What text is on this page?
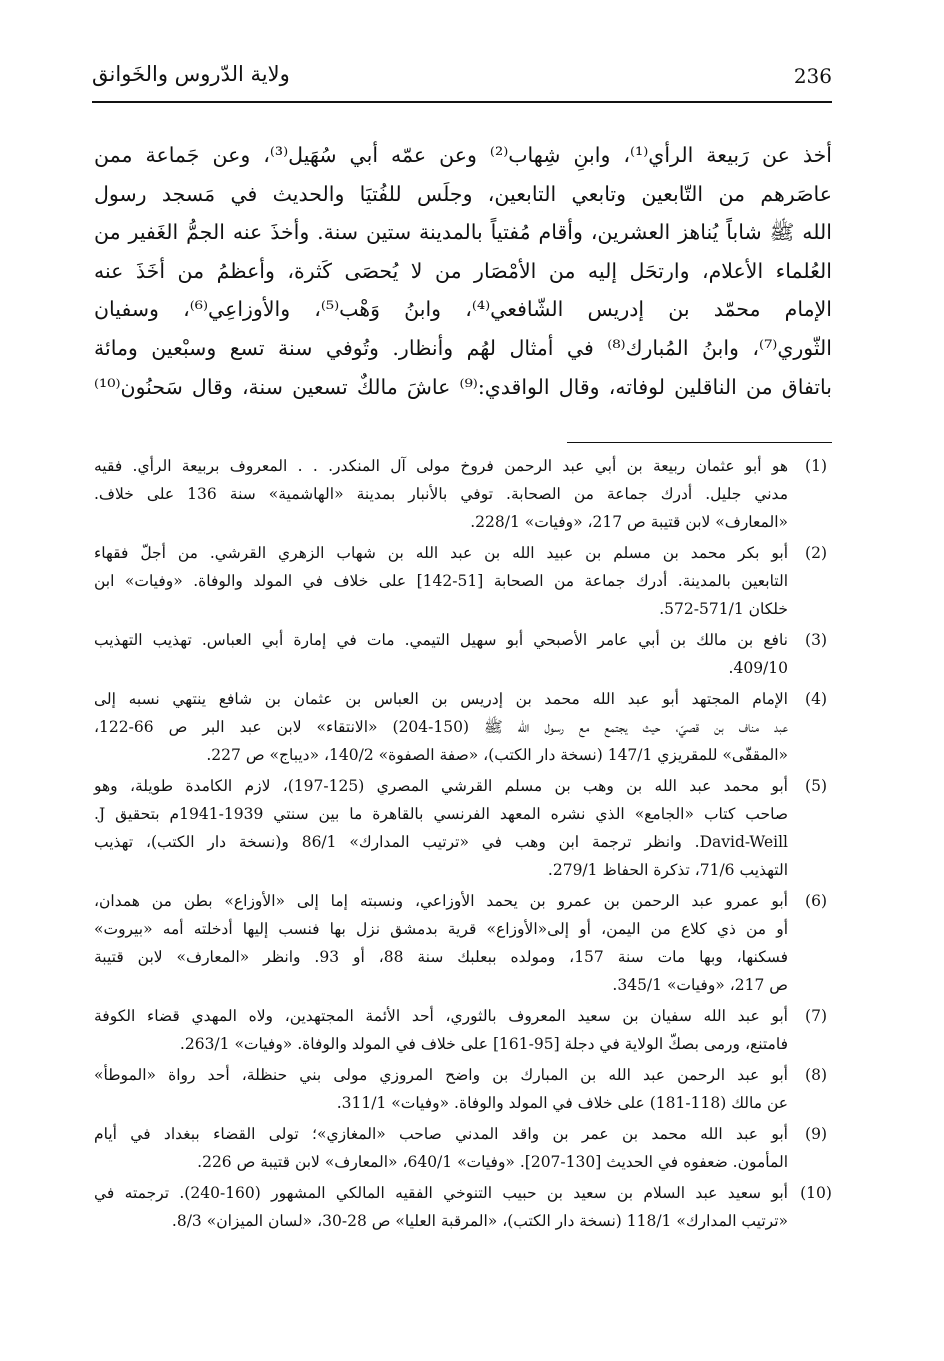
236
ولاية الدّروس والخَوانق
أخذ عن رَبيعة الرأي⁽¹⁾، وابنِ شِهاب⁽²⁾ وعن عمّه أبي سُهَيل⁽³⁾، وعن جَماعة ممن
عاصَرهم من التّابعين وتابعي التابعين، وجلَس للفُتيَا والحديث في مَسجد رسول
الله ﷺ شاباً يُناهز العشرين، وأقام مُفتياً بالمدينة ستين سنة. وأخذَ عنه الجمُّ الغَفير من
العُلماء الأعلام، وارتحَل إليه من الأمْصَار من لا يُحصَى كَثرة، وأعظمُ من أخَذَ عنه
الإمام محمّد بن إدريس الشّافعي⁽⁴⁾، وابنُ وَهْب⁽⁵⁾، والأوزاعِي⁽⁶⁾، وسفيان
الثّوري⁽⁷⁾، وابنُ المُبارك⁽⁸⁾ في أمثال لهُم وأنظار. وتُوفي سنة تسع وسبْعين ومائة
باتفاق من الناقلين لوفاته، وقال الواقدي:⁽⁹⁾ عاشَ مالكٌ تسعين سنة، وقال سَحنُون⁽¹⁰⁾
(1)
هو أبو عثمان ربيعة بن أبي عبد الرحمن فروخ مولى آل المنكدر. . . المعروف بربيعة الرأي. فقيه
مدني جليل. أدرك جماعة من الصحابة. توفي بالأنبار بمدينة «الهاشمية» سنة 136 على خلاف.
«المعارف» لابن قتيبة ص 217، «وفيات» 228/1.
(2)
أبو بكر محمد بن مسلم بن عبيد الله بن عبد الله بن شهاب الزهري القرشي. من أجلّ فقهاء
التابعين بالمدينة. أدرك جماعة من الصحابة [51-142] على خلاف في المولد والوفاة. «وفيات» ابن
خلكان 571/1-572.
(3)
نافع بن مالك بن أبي عامر الأصبحي أبو سهيل التيمي. مات في إمارة أبي العباس. تهذيب التهذيب
409/10.
(4)
الإمام المجتهد أبو عبد الله محمد بن إدريس بن العباس بن عثمان بن شافع ينتهي نسبه إلى
عبد مناف بن قصيّ، حيث يجتمع مع رسول الله ﷺ (150-204) «الانتقاء» لابن عبد البر ص 66-122،
«المقفّى» للمقريزي 147/1 (نسخة دار الكتب)، «صفة الصفوة» 140/2، «ديباج» ص 227.
(5)
أبو محمد عبد الله بن وهب بن مسلم القرشي المصري (125-197)، لازم الكامدة طويلة، وهو
صاحب كتاب «الجامع» الذي نشره المعهد الفرنسي بالقاهرة ما بين سنتي 1939-1941م بتحقيق J.
David-Weill. وانظر ترجمة ابن وهب في «ترتيب المدارك» 86/1 و(نسخة دار الكتب)، تهذيب
التهذيب 71/6، تذكرة الحفاظ 279/1.
(6)
أبو عمرو عبد الرحمن بن عمرو بن يحمد الأوزاعي، ونسبته إما إلى «الأوزاع» بطن من همدان،
أو من ذي كلاع من اليمن، أو إلى«الأوزاع» قرية بدمشق نزل بها فنسب إليها أدخلته أمه «بيروت»
فسكنها، وبها مات سنة 157، ومولده ببعلبك سنة 88، أو 93. وانظر «المعارف» لابن قتيبة
ص 217، «وفيات» 345/1.
(7)
أبو عبد الله سفيان بن سعيد المعروف بالثوري، أحد الأئمة المجتهدين، ولاه المهدي قضاء الكوفة
فامتنع، ورمى بصكّ الولاية في دجلة [95-161] على خلاف في المولد والوفاة. «وفيات» 263/1.
(8)
أبو عبد الرحمن عبد الله بن المبارك بن واضح المروزي مولى بني حنظلة، أحد رواة «الموطأ»
عن مالك (118-181) على خلاف في المولد والوفاة. «وفيات» 311/1.
(9)
أبو عبد الله محمد بن عمر بن واقد المدني صاحب «المغازي»؛ تولى القضاء ببغداد في أيام
المأمون. ضعفوه في الحديث [130-207]. «وفيات» 640/1، «المعارف» لابن قتيبة ص 226.
(10)
أبو سعيد عبد السلام بن سعيد بن حبيب التنوخي الفقيه المالكي المشهور (160-240). ترجمته في
«ترتيب المدارك» 118/1 (نسخة دار الكتب)، «المرقبة العليا» ص 28-30، «لسان الميزان» 8/3.
